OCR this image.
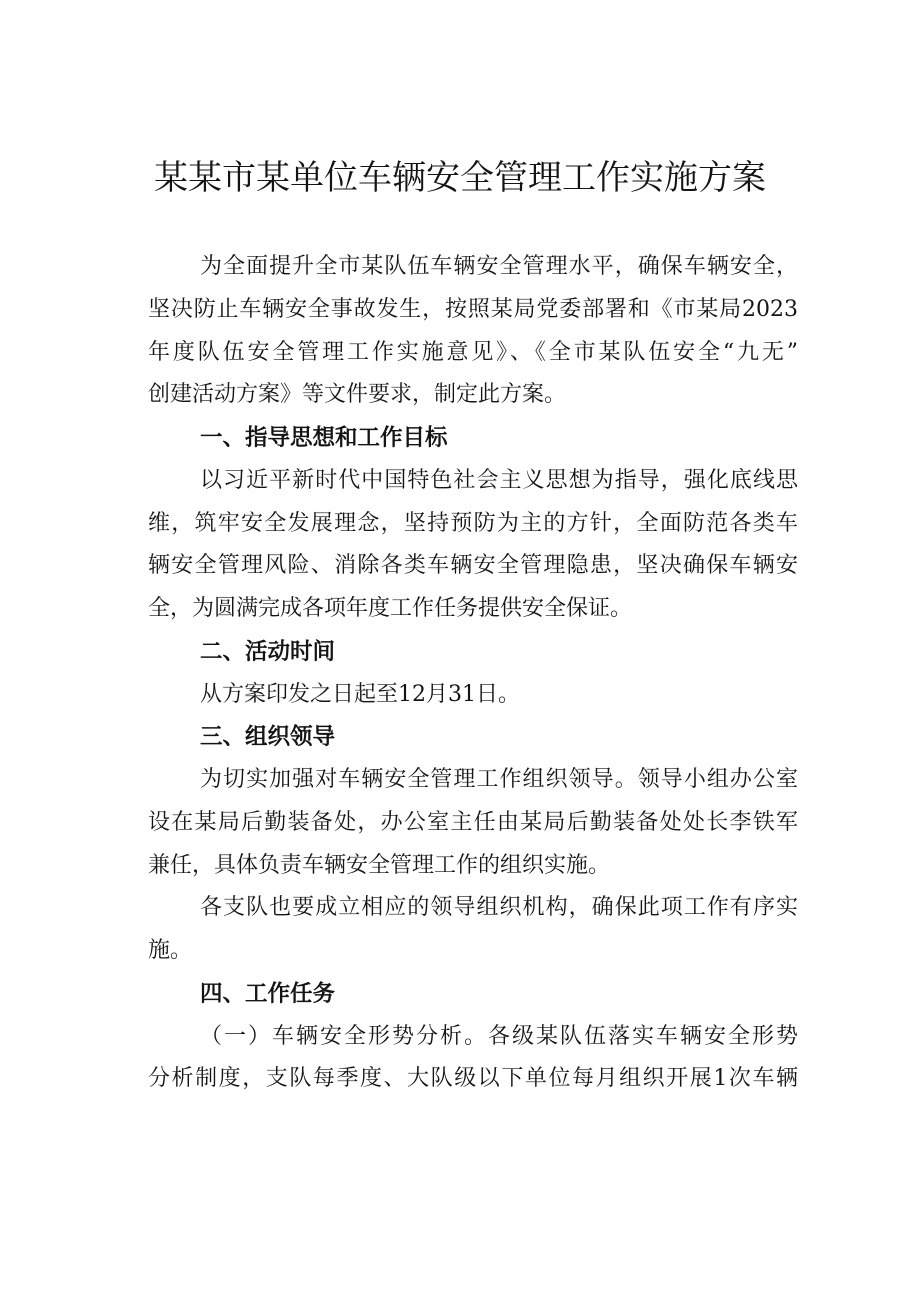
某某市某单位车辆安全管理工作实施方案
为全面提升全市某队伍车辆安全管理水平，确保车辆安全，
坚决防止车辆安全事故发生，按照某局党委部署和《市某局2023
年度队伍安全管理工作实施意见》、《全市某队伍安全“九无”
创建活动方案》等文件要求，制定此方案。
一、指导思想和工作目标
以习近平新时代中国特色社会主义思想为指导，强化底线思
维，筑牢安全发展理念，坚持预防为主的方针，全面防范各类车
辆安全管理风险、消除各类车辆安全管理隐患，坚决确保车辆安
全，为圆满完成各项年度工作任务提供安全保证。
二、活动时间
从方案印发之日起至12月31日。
三、组织领导
为切实加强对车辆安全管理工作组织领导。领导小组办公室
设在某局后勤装备处，办公室主任由某局后勤装备处处长李铁军
兼任，具体负责车辆安全管理工作的组织实施。
各支队也要成立相应的领导组织机构，确保此项工作有序实
施。
四、工作任务
（一）车辆安全形势分析。各级某队伍落实车辆安全形势
分析制度，支队每季度、大队级以下单位每月组织开展1次车辆
